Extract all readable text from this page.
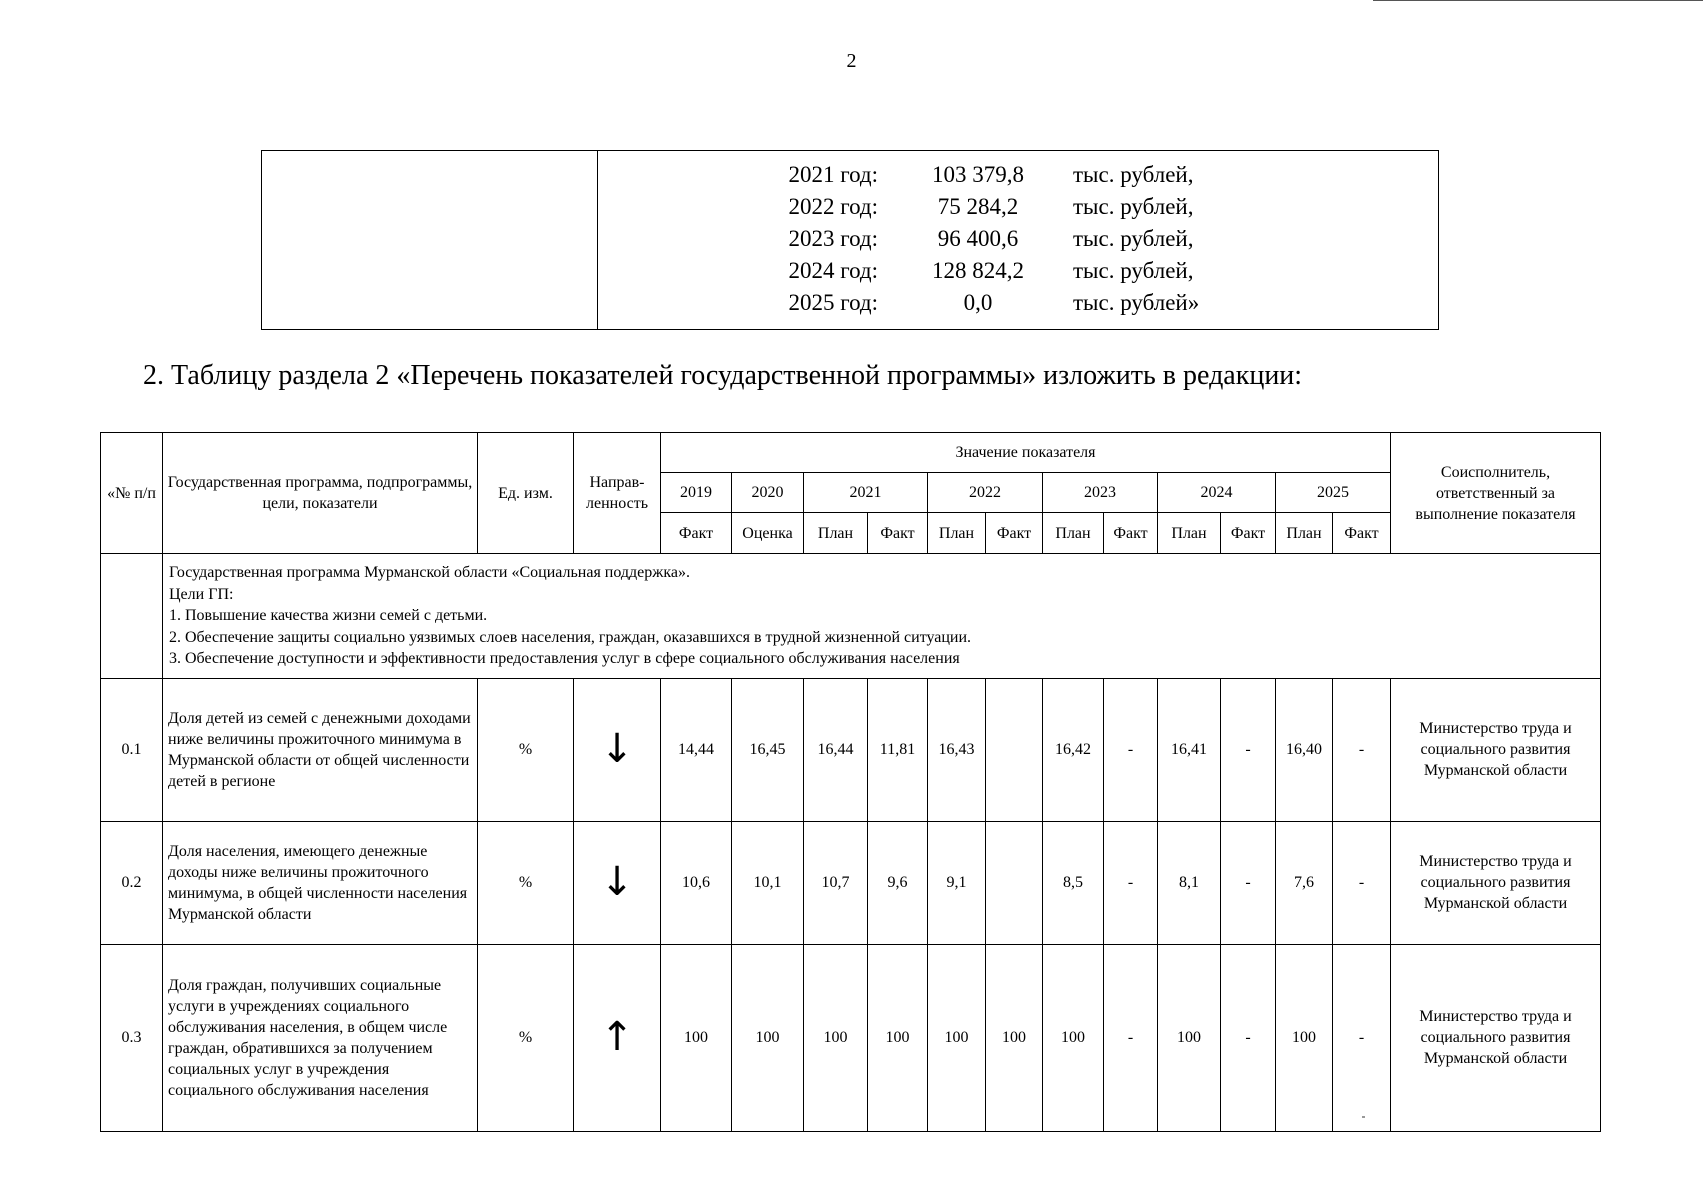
2
2021 год:	103 379,8	тыс. рублей,
2022 год:	75 284,2	тыс. рублей,
2023 год:	96 400,6	тыс. рублей,
2024 год:	128 824,2	тыс. рублей,
2025 год:	0,0	тыс. рублей»
2. Таблицу раздела 2 «Перечень показателей государственной программы» изложить в редакции:
«№ п/п	Государственная программа, подпрограммы, цели, показатели	Ед. изм.	Направ-ленность	Значение показателя												Соисполнитель, ответственный за выполнение показателя
				2019	2020	2021		2022		2023		2024		2025		
				Факт	Оценка	План	Факт	План	Факт	План	Факт	План	Факт	План	Факт	

	Государственная программа Мурманской области «Социальная поддержка».
Цели ГП:
1. Повышение качества жизни семей с детьми.
2. Обеспечение защиты социально уязвимых слоев населения, граждан, оказавшихся в трудной жизненной ситуации.
3. Обеспечение доступности и эффективности предоставления услуг в сфере социального обслуживания населения															

0.1	Доля детей из семей с денежными доходами ниже величины прожиточного минимума в Мурманской области от общей численности детей в регионе	%	↓	14,44	16,45	16,44	11,81	16,43		16,42	-	16,41	-	16,40	-	Министерство труда и социального развития Мурманской области
0.2	Доля населения, имеющего денежные доходы ниже величины прожиточного минимума, в общей численности населения Мурманской области	%	↓	10,6	10,1	10,7	9,6	9,1		8,5	-	8,1	-	7,6	-	Министерство труда и социального развития Мурманской области
0.3	Доля граждан, получивших социальные услуги в учреждениях социального обслуживания населения, в общем числе граждан, обратившихся за получением социальных услуг в учреждения социального обслуживания населения	%	↑	100	100	100	100	100	100	100	-	100	-	100	-	Министерство труда и социального развития Мурманской области
